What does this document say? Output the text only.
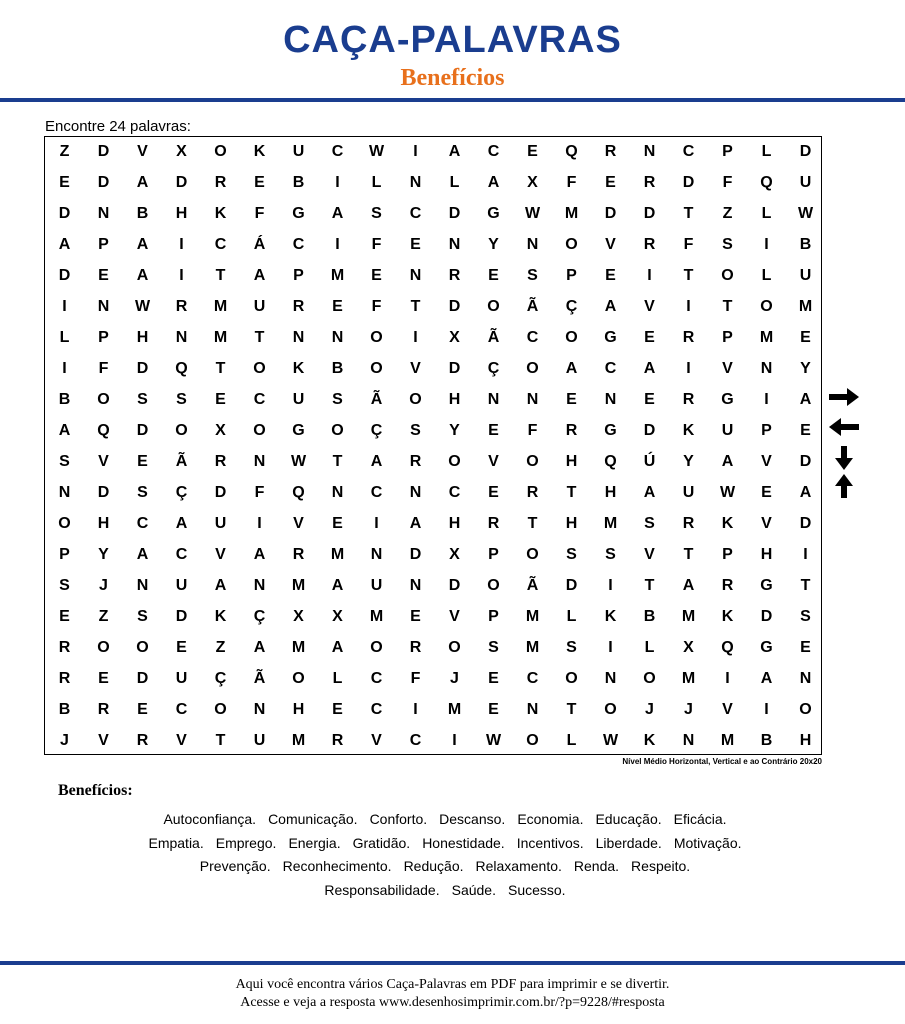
CAÇA-PALAVRAS
Benefícios
Encontre 24 palavras:
Z	D	V	X	O	K	U	C	W	I	A	C	E	Q	R	N	C	P	L	D
E	D	A	D	R	E	B	I	L	N	L	A	X	F	E	R	D	F	Q	U
D	N	B	H	K	F	G	A	S	C	D	G	W	M	D	D	T	Z	L	W
A	P	A	I	C	Á	C	I	F	E	N	Y	N	O	V	R	F	S	I	B
D	E	A	I	T	A	P	M	E	N	R	E	S	P	E	I	T	O	L	U
I	N	W	R	M	U	R	E	F	T	D	O	Ã	Ç	A	V	I	T	O	M
L	P	H	N	M	T	N	N	O	I	X	Ã	C	O	G	E	R	P	M	E
I	F	D	Q	T	O	K	B	O	V	D	Ç	O	A	C	A	I	V	N	Y
B	O	S	S	E	C	U	S	Ã	O	H	N	N	E	N	E	R	G	I	A
A	Q	D	O	X	O	G	O	Ç	S	Y	E	F	R	G	D	K	U	P	E
S	V	E	Ã	R	N	W	T	A	R	O	V	O	H	Q	Ú	Y	A	V	D
N	D	S	Ç	D	F	Q	N	C	N	C	E	R	T	H	A	U	W	E	A
O	H	C	A	U	I	V	E	I	A	H	R	T	H	M	S	R	K	V	D
P	Y	A	C	V	A	R	M	N	D	X	P	O	S	S	V	T	P	H	I
S	J	N	U	A	N	M	A	U	N	D	O	Ã	D	I	T	A	R	G	T
E	Z	S	D	K	Ç	X	X	M	E	V	P	M	L	K	B	M	K	D	S
R	O	O	E	Z	A	M	A	O	R	O	S	M	S	I	L	X	Q	G	E
R	E	D	U	Ç	Ã	O	L	C	F	J	E	C	O	N	O	M	I	A	N
B	R	E	C	O	N	H	E	C	I	M	E	N	T	O	J	J	V	I	O
J	V	R	V	T	U	M	R	V	C	I	W	O	L	W	K	N	M	B	H
Nível Médio Horizontal, Vertical e ao Contrário 20x20
Benefícios:
Autoconfiança. Comunicação. Conforto. Descanso. Economia. Educação. Eficácia.
Empatia. Emprego. Energia. Gratidão. Honestidade. Incentivos. Liberdade. Motivação.
Prevenção. Reconhecimento. Redução. Relaxamento. Renda. Respeito.
Responsabilidade. Saúde. Sucesso.
Aqui você encontra vários Caça-Palavras em PDF para imprimir e se divertir.
Acesse e veja a resposta www.desenhosimprimir.com.br/?p=9228/#resposta
